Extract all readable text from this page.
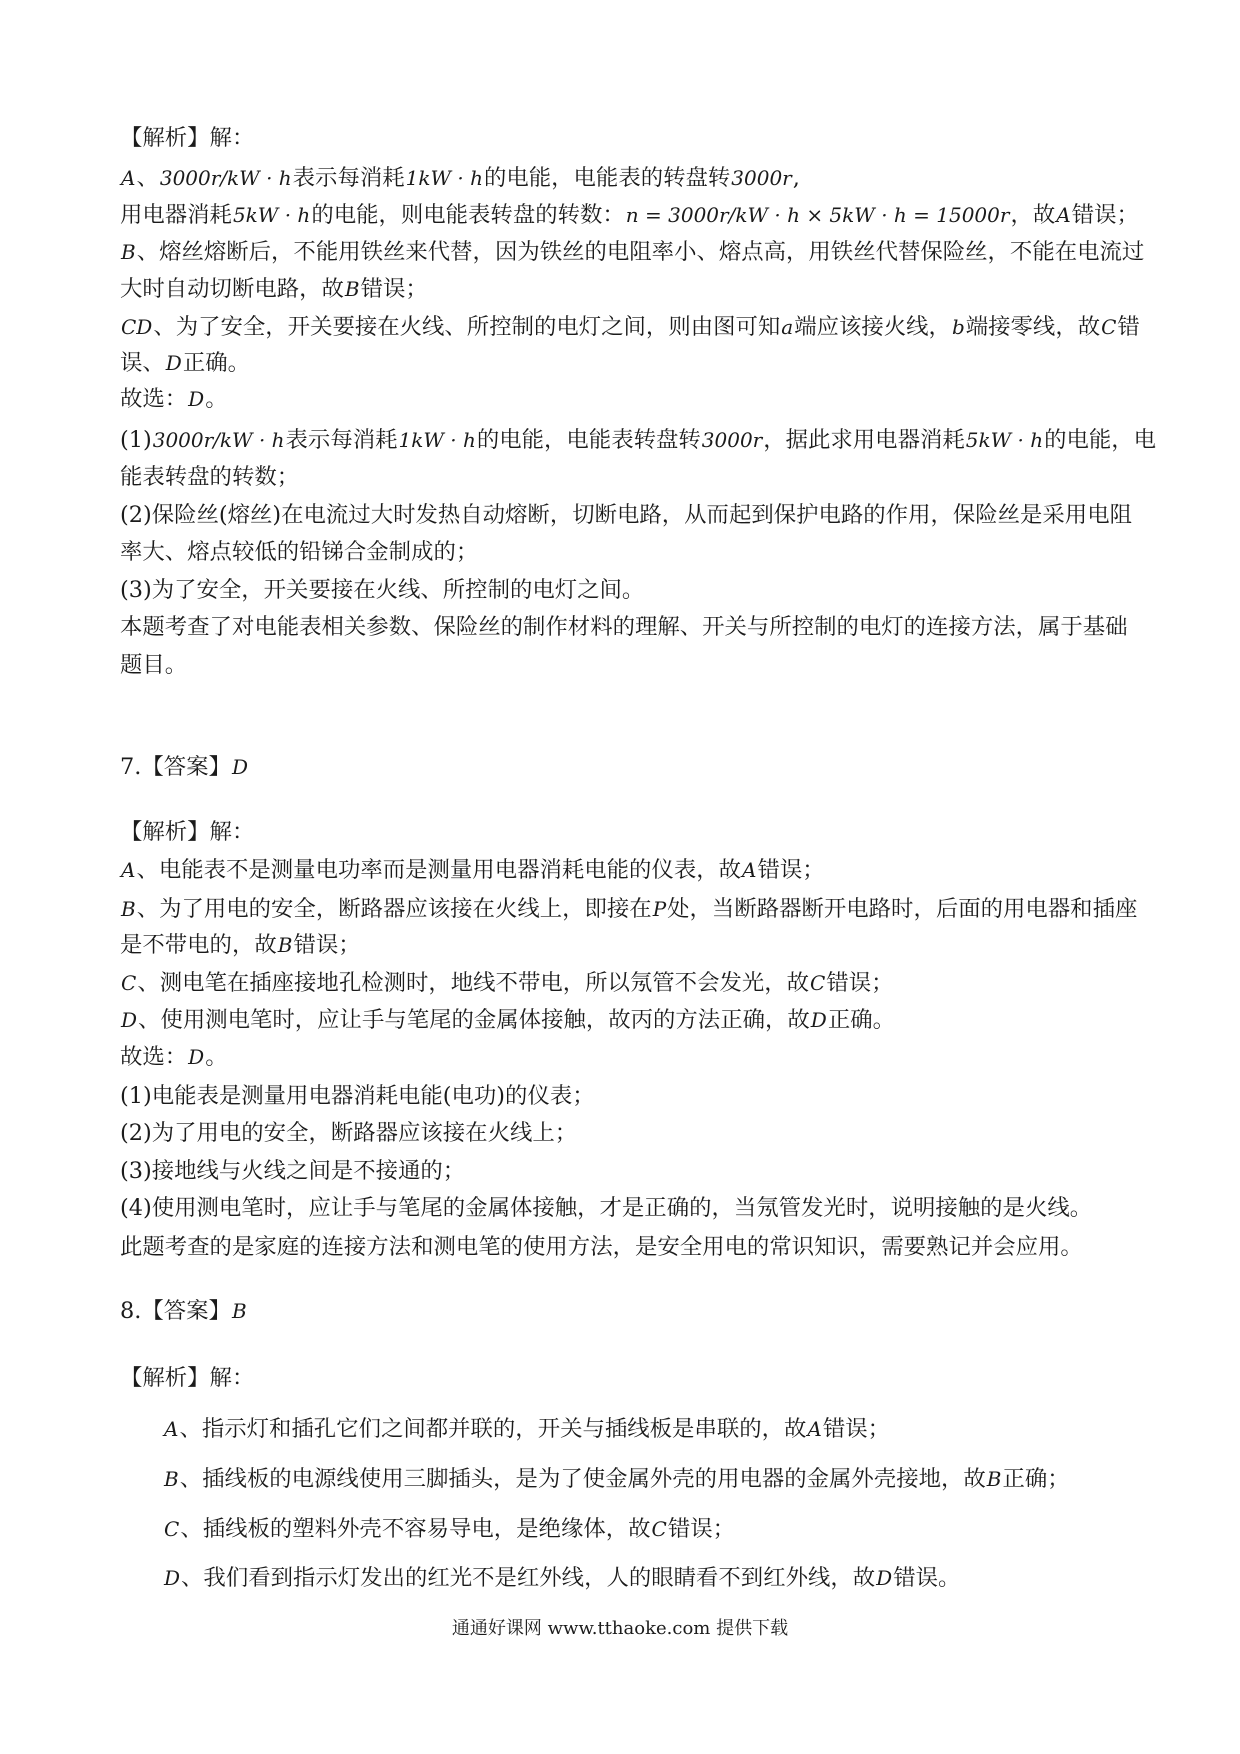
【解析】解：
A、3000r/kW · h表示每消耗1kW · h的电能，电能表的转盘转3000r,
用电器消耗5kW · h的电能，则电能表转盘的转数：n = 3000r/kW · h × 5kW · h = 15000r，故A错误；
B、熔丝熔断后，不能用铁丝来代替，因为铁丝的电阻率小、熔点高，用铁丝代替保险丝，不能在电流过
大时自动切断电路，故B错误；
CD、为了安全，开关要接在火线、所控制的电灯之间，则由图可知a端应该接火线，b端接零线，故C错
误、D正确。
故选：D。
(1)3000r/kW · h表示每消耗1kW · h的电能，电能表转盘转3000r，据此求用电器消耗5kW · h的电能，电
能表转盘的转数；
(2)保险丝(熔丝)在电流过大时发热自动熔断，切断电路，从而起到保护电路的作用，保险丝是采用电阻
率大、熔点较低的铅锑合金制成的；
(3)为了安全，开关要接在火线、所控制的电灯之间。
本题考查了对电能表相关参数、保险丝的制作材料的理解、开关与所控制的电灯的连接方法，属于基础
题目。
7.【答案】D
【解析】解：
A、电能表不是测量电功率而是测量用电器消耗电能的仪表，故A错误；
B、为了用电的安全，断路器应该接在火线上，即接在P处，当断路器断开电路时，后面的用电器和插座
是不带电的，故B错误；
C、测电笔在插座接地孔检测时，地线不带电，所以氖管不会发光，故C错误；
D、使用测电笔时，应让手与笔尾的金属体接触，故丙的方法正确，故D正确。
故选：D。
(1)电能表是测量用电器消耗电能(电功)的仪表；
(2)为了用电的安全，断路器应该接在火线上；
(3)接地线与火线之间是不接通的；
(4)使用测电笔时，应让手与笔尾的金属体接触，才是正确的，当氖管发光时，说明接触的是火线。
此题考查的是家庭的连接方法和测电笔的使用方法，是安全用电的常识知识，需要熟记并会应用。
8.【答案】B
【解析】解：
A、指示灯和插孔它们之间都并联的，开关与插线板是串联的，故A错误；
B、插线板的电源线使用三脚插头，是为了使金属外壳的用电器的金属外壳接地，故B正确；
C、插线板的塑料外壳不容易导电，是绝缘体，故C错误；
D、我们看到指示灯发出的红光不是红外线，人的眼睛看不到红外线，故D错误。
通通好课网 www.tthaoke.com 提供下载
